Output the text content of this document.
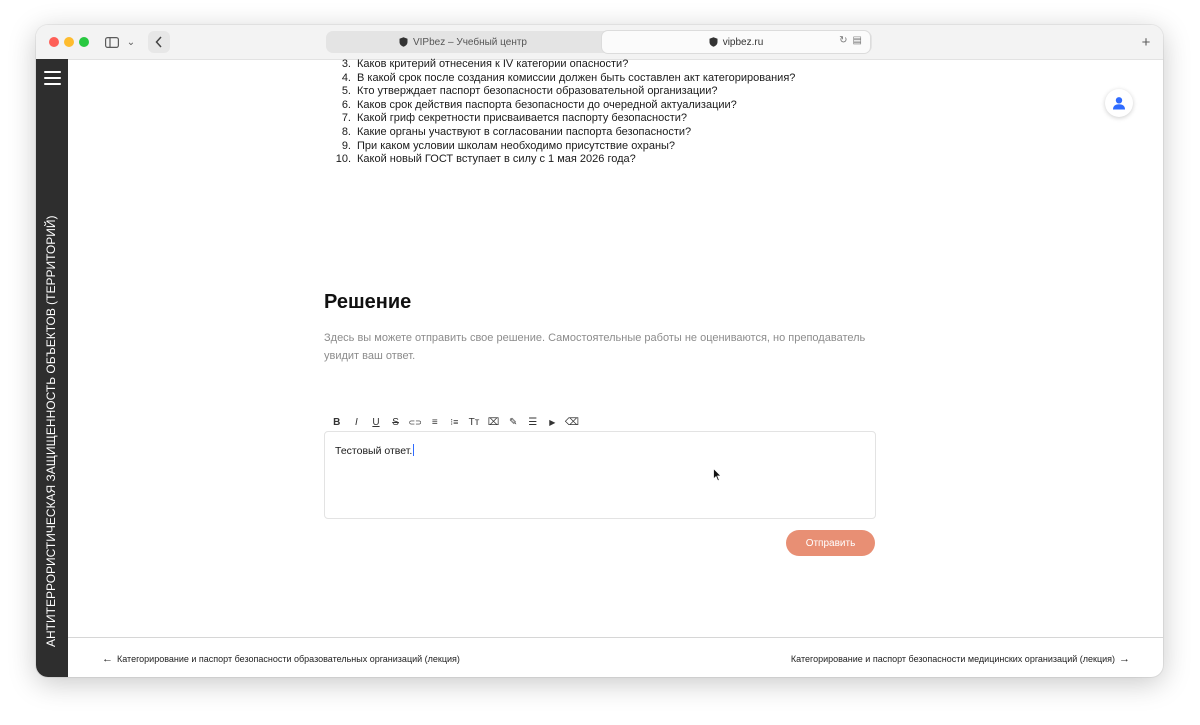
⌄	VIPbez – Учебный центр	vipbez.ru	↻ ▤	+
АНТИТЕРРОРИСТИЧЕСКАЯ ЗАЩИЩЕННОСТЬ ОБЪЕКТОВ (ТЕРРИТОРИЙ)
3. Каков критерий отнесения к IV категории опасности?
4. В какой срок после создания комиссии должен быть составлен акт категорирования?
5. Кто утверждает паспорт безопасности образовательной организации?
6. Каков срок действия паспорта безопасности до очередной актуализации?
7. Какой гриф секретности присваивается паспорту безопасности?
8. Какие органы участвуют в согласовании паспорта безопасности?
9. При каком условии школам необходимо присутствие охраны?
10. Какой новый ГОСТ вступает в силу с 1 мая 2026 года?
Решение
Здесь вы можете отправить свое решение. Самостоятельные работы не оцениваются, но преподаватель увидит ваш ответ.
B	I	U	S	⊂⊃ ≡	⁝≡	Tт ⌧ ✎	☰	▶ ⌫
Тестовый ответ.
Отправить
← Категорирование и паспорт безопасности образовательных организаций (лекция)	Категорирование и паспорт безопасности медицинских организаций (лекция) →
